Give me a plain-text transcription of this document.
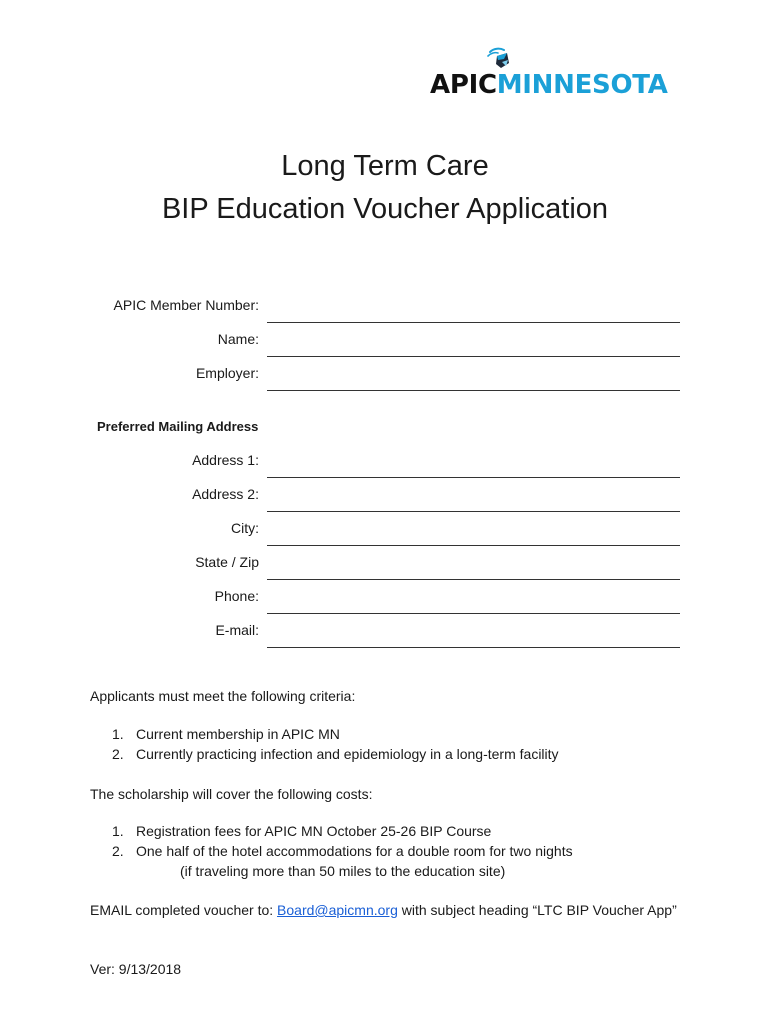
APICMINNESOTA
Long Term Care
BIP Education Voucher Application
APIC Member Number:
Name:
Employer:
Preferred Mailing Address
Address 1:
Address 2:
City:
State / Zip
Phone:
E-mail:
Applicants must meet the following criteria:
1. Current membership in APIC MN
2. Currently practicing infection and epidemiology in a long-term facility
The scholarship will cover the following costs:
1. Registration fees for APIC MN October 25-26 BIP Course
2. One half of the hotel accommodations for a double room for two nights
(if traveling more than 50 miles to the education site)
EMAIL completed voucher to: Board@apicmn.org with subject heading “LTC BIP Voucher App”
Ver: 9/13/2018
